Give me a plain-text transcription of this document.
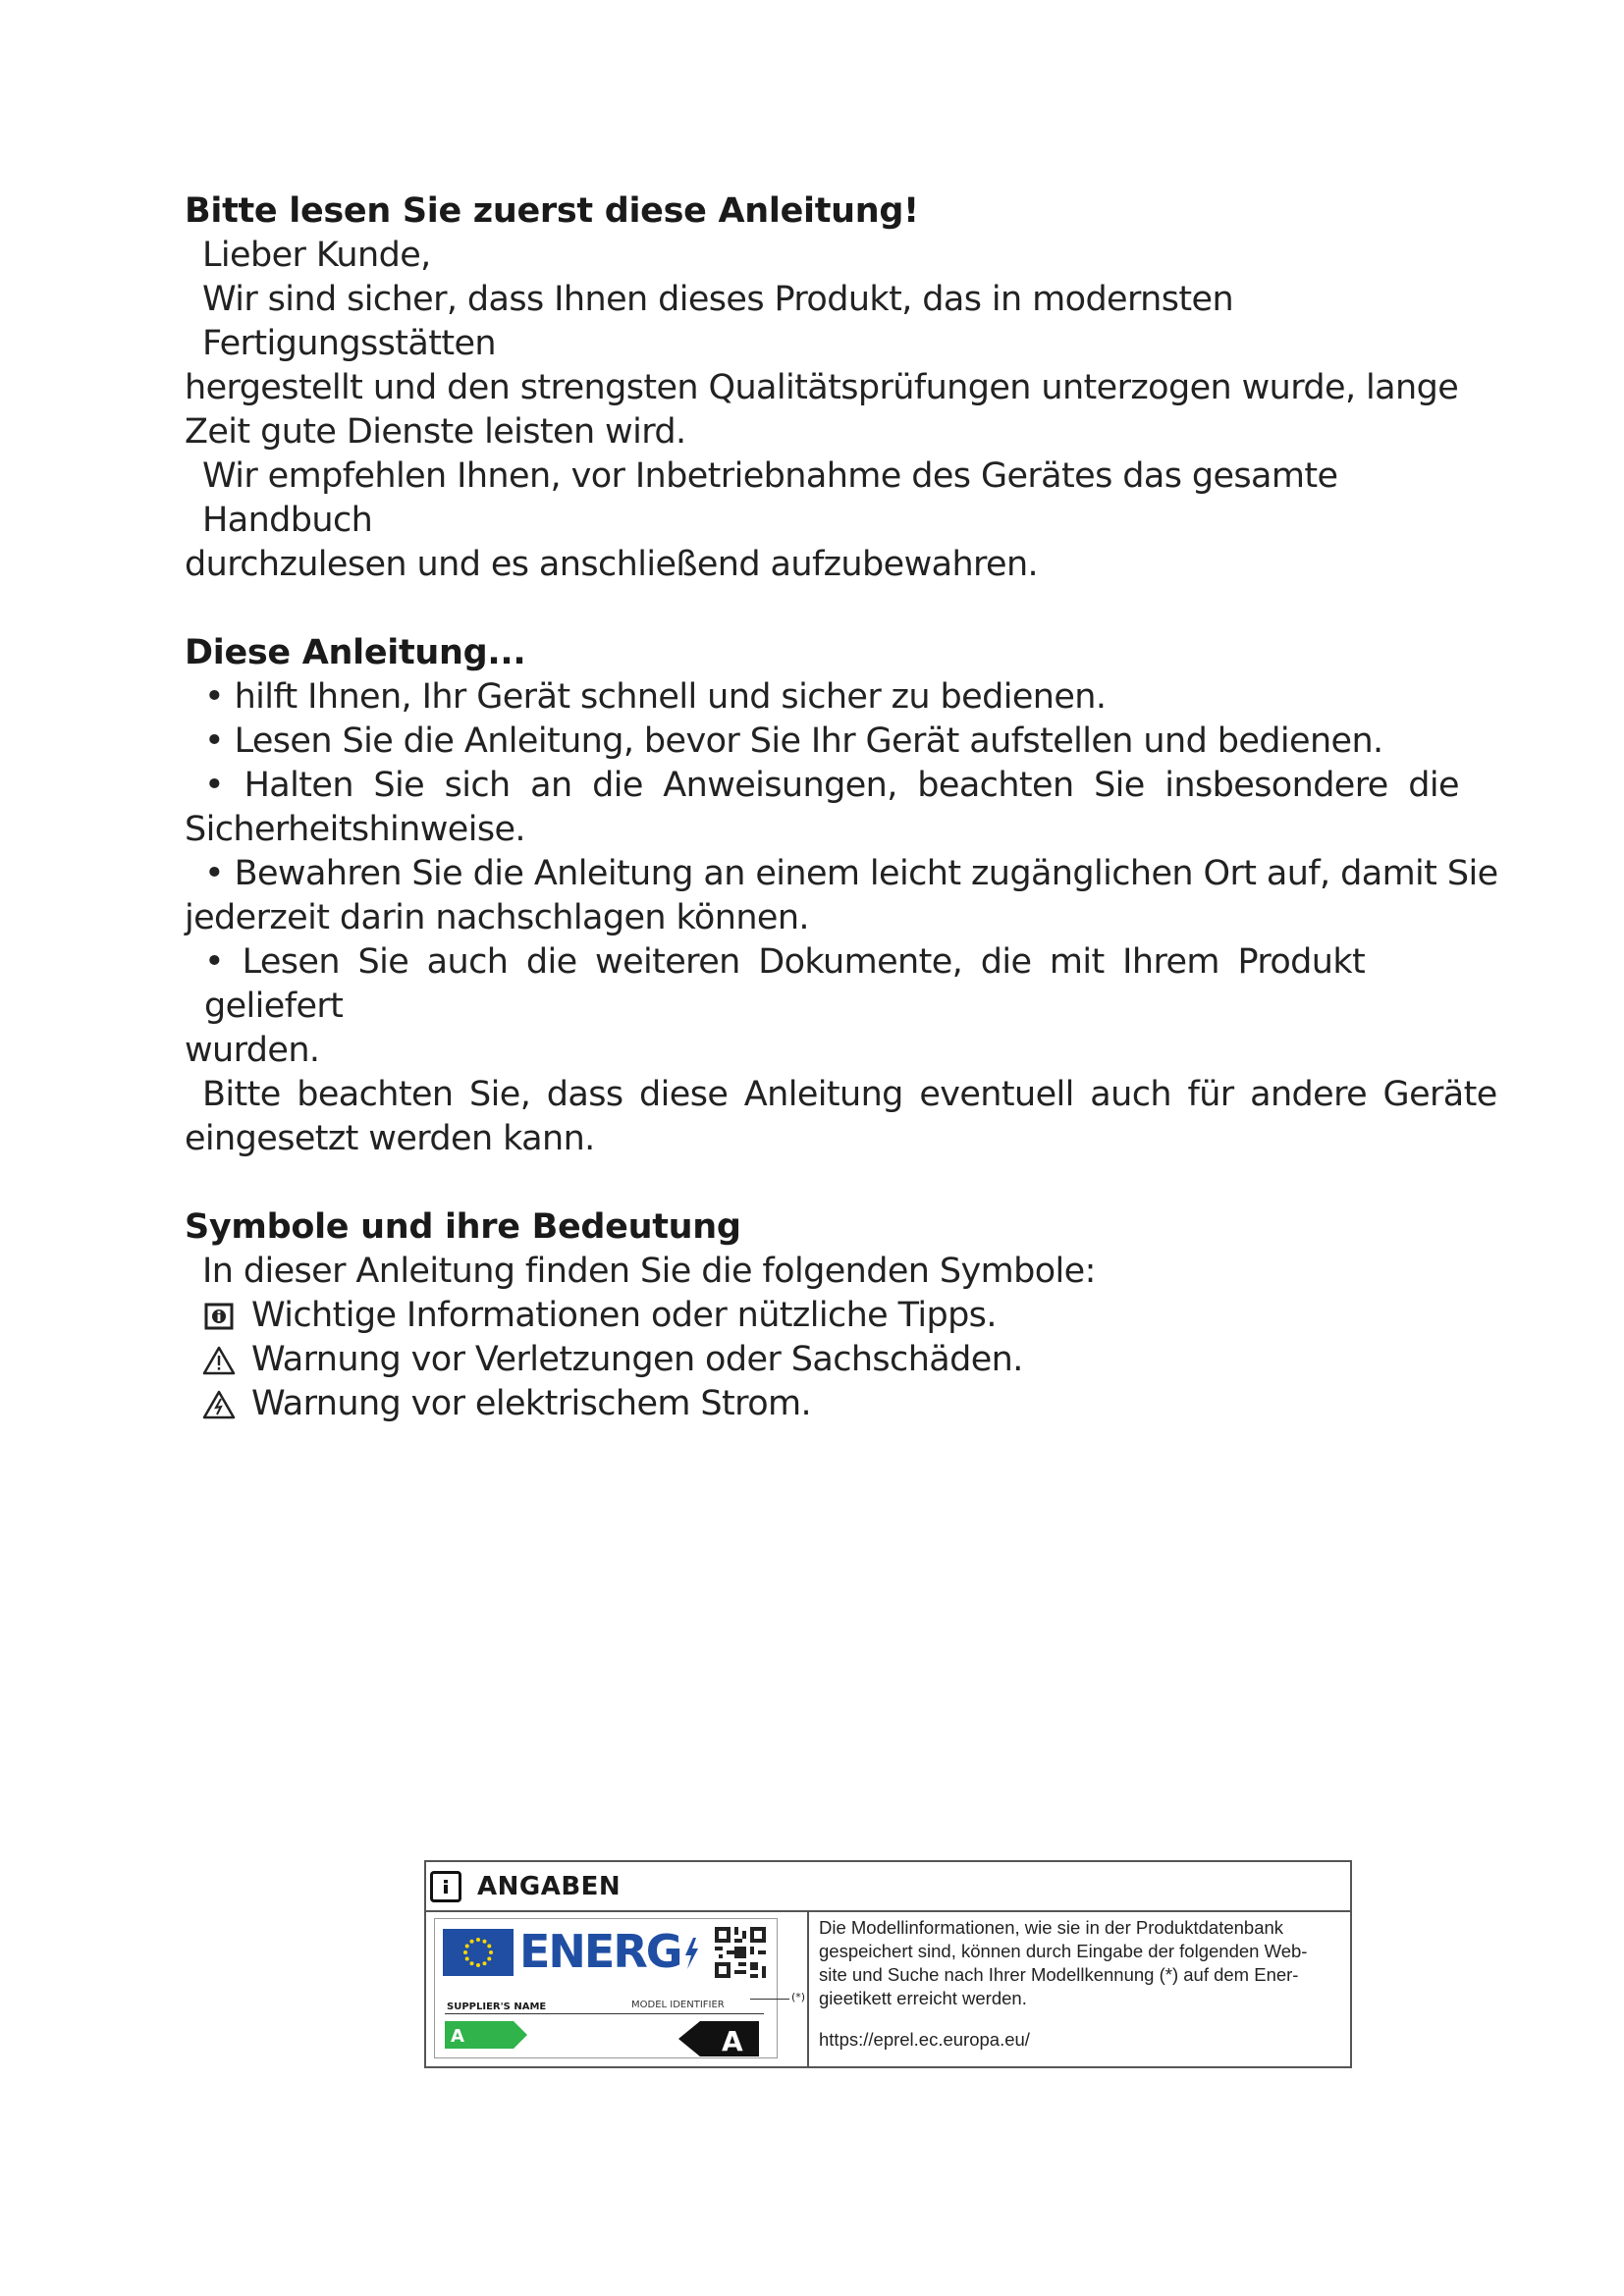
Bitte lesen Sie zuerst diese Anleitung!

Lieber Kunde,

Wir sind sicher, dass Ihnen dieses Produkt, das in modernsten Fertigungsstätten

hergestellt und den strengsten Qualitätsprüfungen unterzogen wurde, lange

Zeit gute Dienste leisten wird.

Wir empfehlen Ihnen, vor Inbetriebnahme des Gerätes das gesamte Handbuch

durchzulesen und es anschließend aufzubewahren.

Diese Anleitung...

• hilft Ihnen, Ihr Gerät schnell und sicher zu bedienen.

• Lesen Sie die Anleitung, bevor Sie Ihr Gerät aufstellen und bedienen.

• Halten Sie sich an die Anweisungen, beachten Sie insbesondere die

Sicherheitshinweise.

• Bewahren Sie die Anleitung an einem leicht zugänglichen Ort auf, damit Sie

jederzeit darin nachschlagen können.

• Lesen Sie auch die weiteren Dokumente, die mit Ihrem Produkt geliefert

wurden.

Bitte beachten Sie, dass diese Anleitung eventuell auch für andere Geräte

eingesetzt werden kann.

Symbole und ihre Bedeutung

In dieser Anleitung finden Sie die folgenden Symbole:

Wichtige Informationen oder nützliche Tipps.
Warnung vor Verletzungen oder Sachschäden.
Warnung vor elektrischem Strom.
ANGABEN
ENERG
SUPPLIER'S NAME	MODEL IDENTIFIER
A	A
(*)
Die Modellinformationen, wie sie in der Produktdatenbank
gespeichert sind, können durch Eingabe der folgenden Web-
site und Suche nach Ihrer Modellkennung (*) auf dem Ener-
gieetikett erreicht werden.
https://eprel.ec.europa.eu/
